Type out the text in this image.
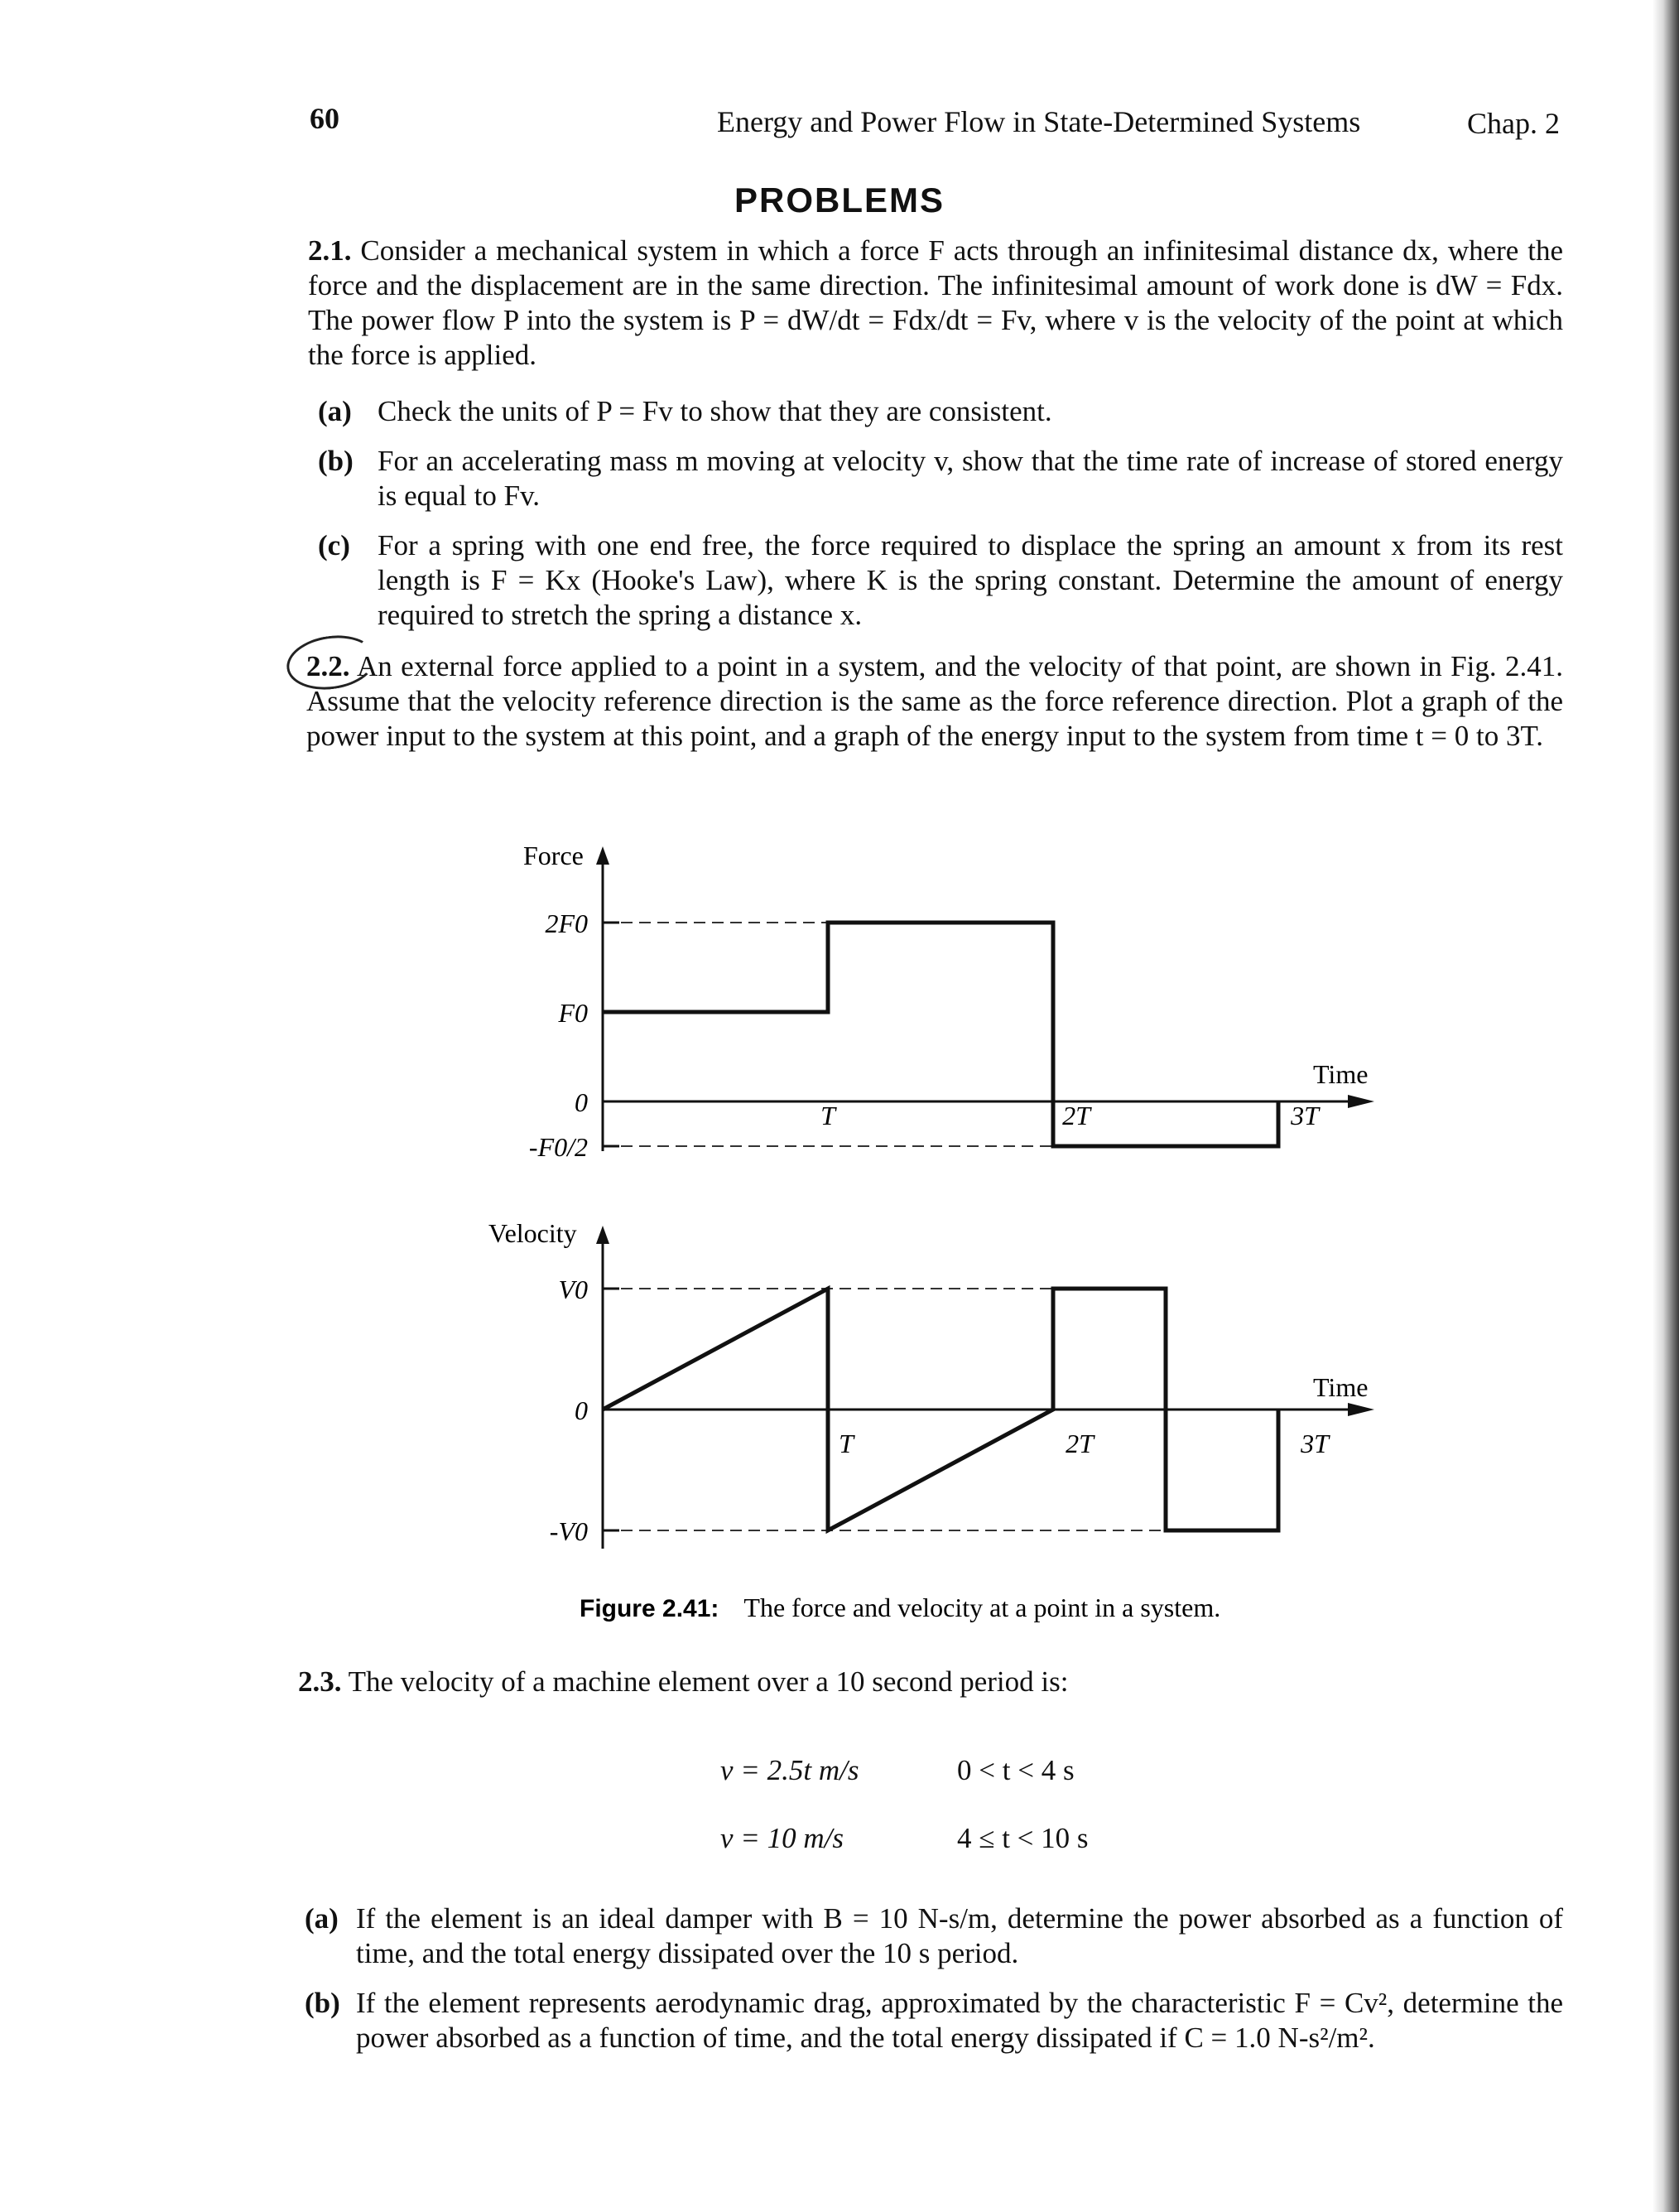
60	Energy and Power Flow in State-Determined Systems	Chap. 2
PROBLEMS
2.1. Consider a mechanical system in which a force F acts through an infinitesimal distance dx, where the force and the displacement are in the same direction. The infinitesimal amount of work done is dW = Fdx. The power flow P into the system is P = dW/dt = Fdx/dt = Fv, where v is the velocity of the point at which the force is applied.
(a) Check the units of P = Fv to show that they are consistent.
(b) For an accelerating mass m moving at velocity v, show that the time rate of increase of stored energy is equal to Fv.
(c) For a spring with one end free, the force required to displace the spring an amount x from its rest length is F = Kx (Hooke's Law), where K is the spring constant. Determine the amount of energy required to stretch the spring a distance x.
2.2. An external force applied to a point in a system, and the velocity of that point, are shown in Fig. 2.41. Assume that the velocity reference direction is the same as the force reference direction. Plot a graph of the power input to the system at this point, and a graph of the energy input to the system from time t = 0 to 3T.
Force
Time
2F0
F0
0
-F0/2
T	2T	3T
Velocity
Time
V0
0
-V0
T	2T	3T
Figure 2.41: The force and velocity at a point in a system.
2.3. The velocity of a machine element over a 10 second period is:
v = 2.5t m/s	0 < t < 4 s
v = 10 m/s	4 ≤ t < 10 s
(a) If the element is an ideal damper with B = 10 N-s/m, determine the power absorbed as a function of time, and the total energy dissipated over the 10 s period.
(b) If the element represents aerodynamic drag, approximated by the characteristic F = Cv², determine the power absorbed as a function of time, and the total energy dissipated if C = 1.0 N-s²/m².
